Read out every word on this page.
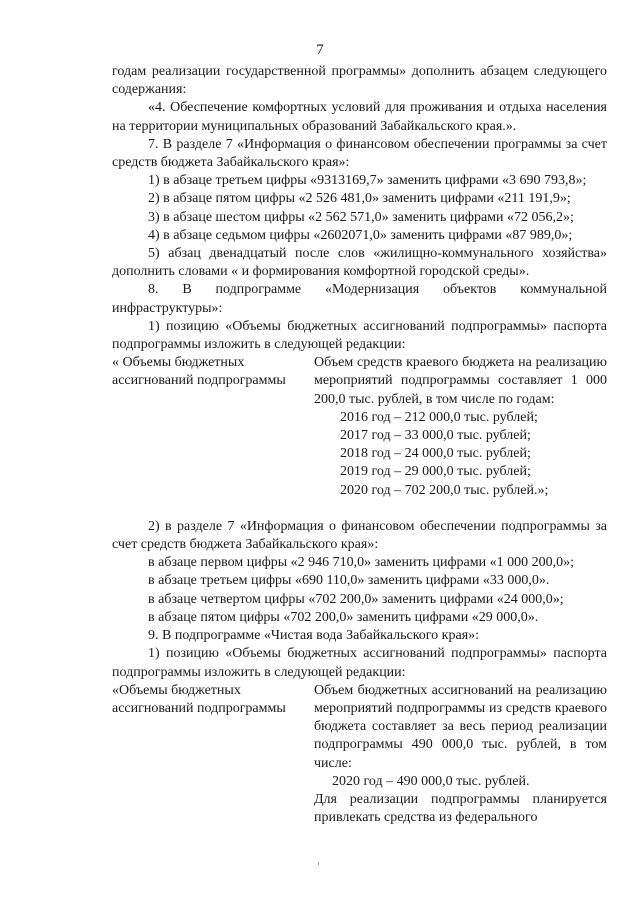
7

годам реализации государственной программы» дополнить абзацем следующего содержания:

«4. Обеспечение комфортных условий для проживания и отдыха населения на территории муниципальных образований Забайкальского края.».

7. В разделе 7 «Информация о финансовом обеспечении программы за счет средств бюджета Забайкальского края»:

1) в абзаце третьем цифры «9313169,7» заменить цифрами «3 690 793,8»;

2) в абзаце пятом цифры «2 526 481,0» заменить цифрами «211 191,9»;

3) в абзаце шестом цифры «2 562 571,0» заменить цифрами «72 056,2»;

4) в абзаце седьмом цифры «2602071,0» заменить цифрами «87 989,0»;

5) абзац двенадцатый после слов «жилищно-коммунального хозяйства» дополнить словами « и формирования комфортной городской среды».

8. В подпрограмме «Модернизация объектов коммунальной инфраструктуры»:

1) позицию «Объемы бюджетных ассигнований подпрограммы» паспорта подпрограммы изложить в следующей редакции:

« Объемы бюджетных ассигнований подпрограммы

Объем средств краевого бюджета на реализацию мероприятий подпрограммы составляет 1 000 200,0 тыс. рублей, в том числе по годам:

2016 год – 212 000,0 тыс. рублей;

2017 год – 33 000,0 тыс. рублей;

2018 год – 24 000,0 тыс. рублей;

2019 год – 29 000,0 тыс. рублей;

2020 год – 702 200,0 тыс. рублей.»;

2) в разделе 7 «Информация о финансовом обеспечении подпрограммы за счет средств бюджета Забайкальского края»:

в абзаце первом цифры «2 946 710,0» заменить цифрами «1 000 200,0»;

в абзаце третьем цифры «690 110,0» заменить цифрами «33 000,0».

в абзаце четвертом цифры «702 200,0» заменить цифрами «24 000,0»;

в абзаце пятом цифры «702 200,0» заменить цифрами «29 000,0».

9. В подпрограмме «Чистая вода Забайкальского края»:

1) позицию «Объемы бюджетных ассигнований подпрограммы» паспорта подпрограммы изложить в следующей редакции:

«Объемы бюджетных ассигнований подпрограммы

Объем бюджетных ассигнований на реализацию мероприятий подпрограммы из средств краевого бюджета составляет за весь период реализации подпрограммы 490 000,0 тыс. рублей, в том числе:

2020 год – 490 000,0 тыс. рублей.

Для реализации подпрограммы планируется привлекать средства из федерального
